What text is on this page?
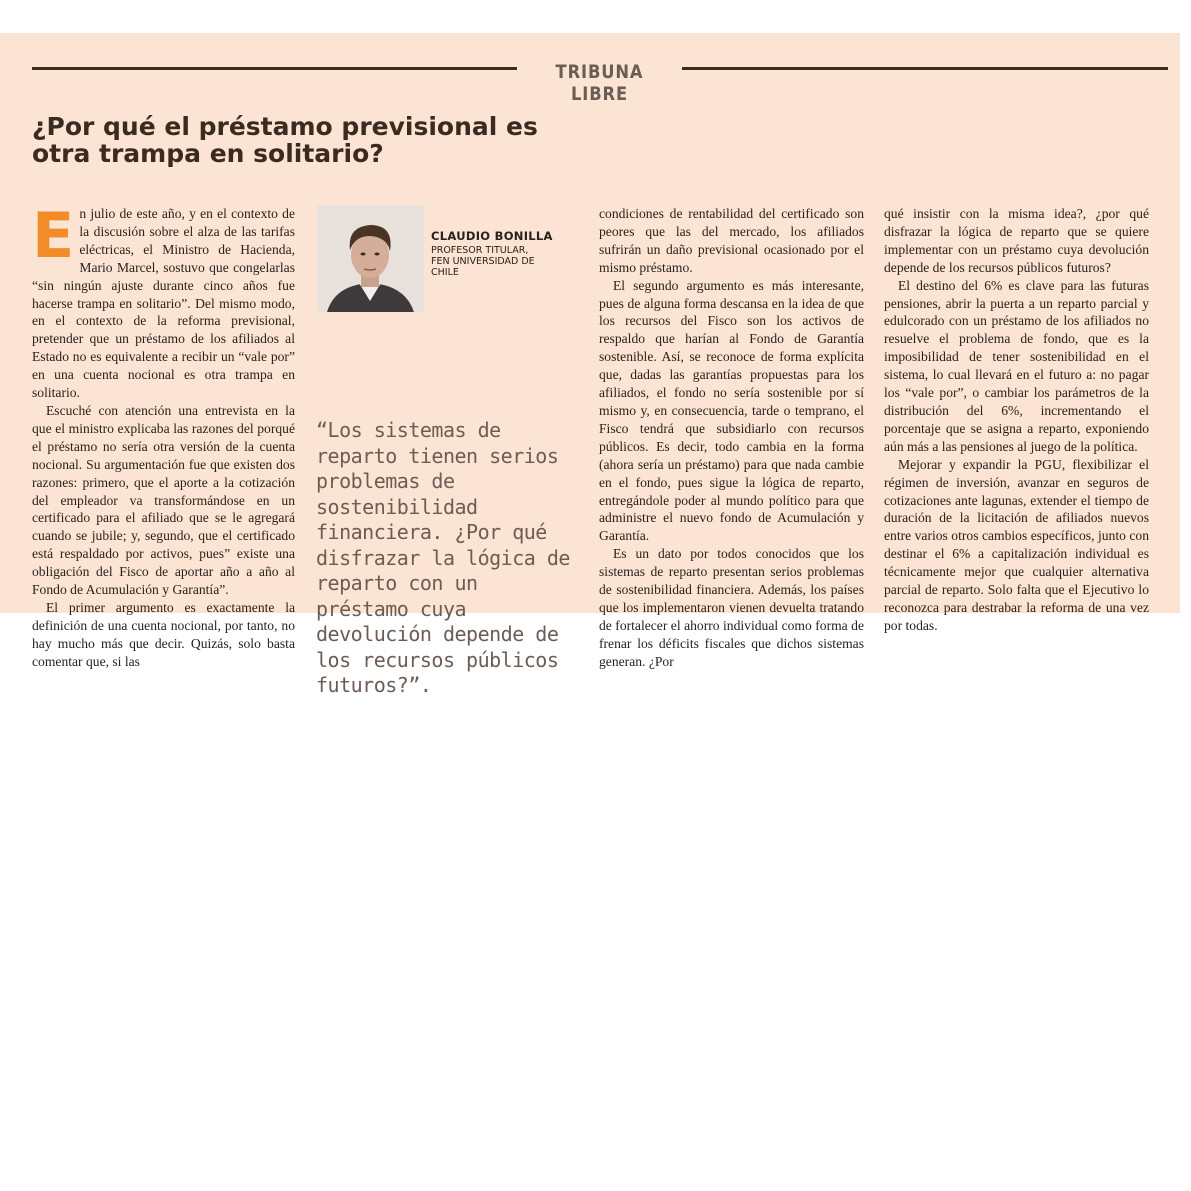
TRIBUNA LIBRE
¿Por qué el préstamo previsional es
otra trampa en solitario?

En julio de este año, y en el contexto de la discusión sobre el alza de las tarifas eléctricas, el Ministro de Hacienda, Mario Marcel, sostuvo que congelarlas “sin ningún ajuste durante cinco años fue hacerse trampa en solitario”. Del mismo modo, en el contexto de la reforma previsional, pretender que un préstamo de los afiliados al Estado no es equivalente a recibir un “vale por” en una cuenta nocional es otra trampa en solitario.

Escuché con atención una entrevista en la que el ministro explicaba las razones del porqué el préstamo no sería otra versión de la cuenta nocional. Su argumentación fue que existen dos razones: primero, que el aporte a la cotización del empleador va transformándose en un certificado para el afiliado que se le agregará cuando se jubile; y, segundo, que el certificado está respaldado por activos, pues” existe una obligación del Fisco de aportar año a año al Fondo de Acumulación y Garantía”.

El primer argumento es exactamente la definición de una cuenta nocional, por tanto, no hay mucho más que decir. Quizás, solo basta comentar que, si las

CLAUDIO BONILLA
PROFESOR TITULAR,
FEN UNIVERSIDAD DE
CHILE

“Los sistemas de reparto tienen serios problemas de sostenibilidad financiera. ¿Por qué disfrazar la lógica de reparto con un préstamo cuya devolución depende de los recursos públicos futuros?”.

condiciones de rentabilidad del certificado son peores que las del mercado, los afiliados sufrirán un daño previsional ocasionado por el mismo préstamo.

El segundo argumento es más interesante, pues de alguna forma descansa en la idea de que los recursos del Fisco son los activos de respaldo que harían al Fondo de Garantía sostenible. Así, se reconoce de forma explícita que, dadas las garantías propuestas para los afiliados, el fondo no sería sostenible por sí mismo y, en consecuencia, tarde o temprano, el Fisco tendrá que subsidiarlo con recursos públicos. Es decir, todo cambia en la forma (ahora sería un préstamo) para que nada cambie en el fondo, pues sigue la lógica de reparto, entregándole poder al mundo político para que administre el nuevo fondo de Acumulación y Garantía.

Es un dato por todos conocidos que los sistemas de reparto presentan serios problemas de sostenibilidad financiera. Además, los países que los implementaron vienen devuelta tratando de fortalecer el ahorro individual como forma de frenar los déficits fiscales que dichos sistemas generan. ¿Por

qué insistir con la misma idea?, ¿por qué disfrazar la lógica de reparto que se quiere implementar con un préstamo cuya devolución depende de los recursos públicos futuros?

El destino del 6% es clave para las futuras pensiones, abrir la puerta a un reparto parcial y edulcorado con un préstamo de los afiliados no resuelve el problema de fondo, que es la imposibilidad de tener sostenibilidad en el sistema, lo cual llevará en el futuro a: no pagar los “vale por”, o cambiar los parámetros de la distribución del 6%, incrementando el porcentaje que se asigna a reparto, exponiendo aún más a las pensiones al juego de la política.

Mejorar y expandir la PGU, flexibilizar el régimen de inversión, avanzar en seguros de cotizaciones ante lagunas, extender el tiempo de duración de la licitación de afiliados nuevos entre varios otros cambios específicos, junto con destinar el 6% a capitalización individual es técnicamente mejor que cualquier alternativa parcial de reparto. Solo falta que el Ejecutivo lo reconozca para destrabar la reforma de una vez por todas.
